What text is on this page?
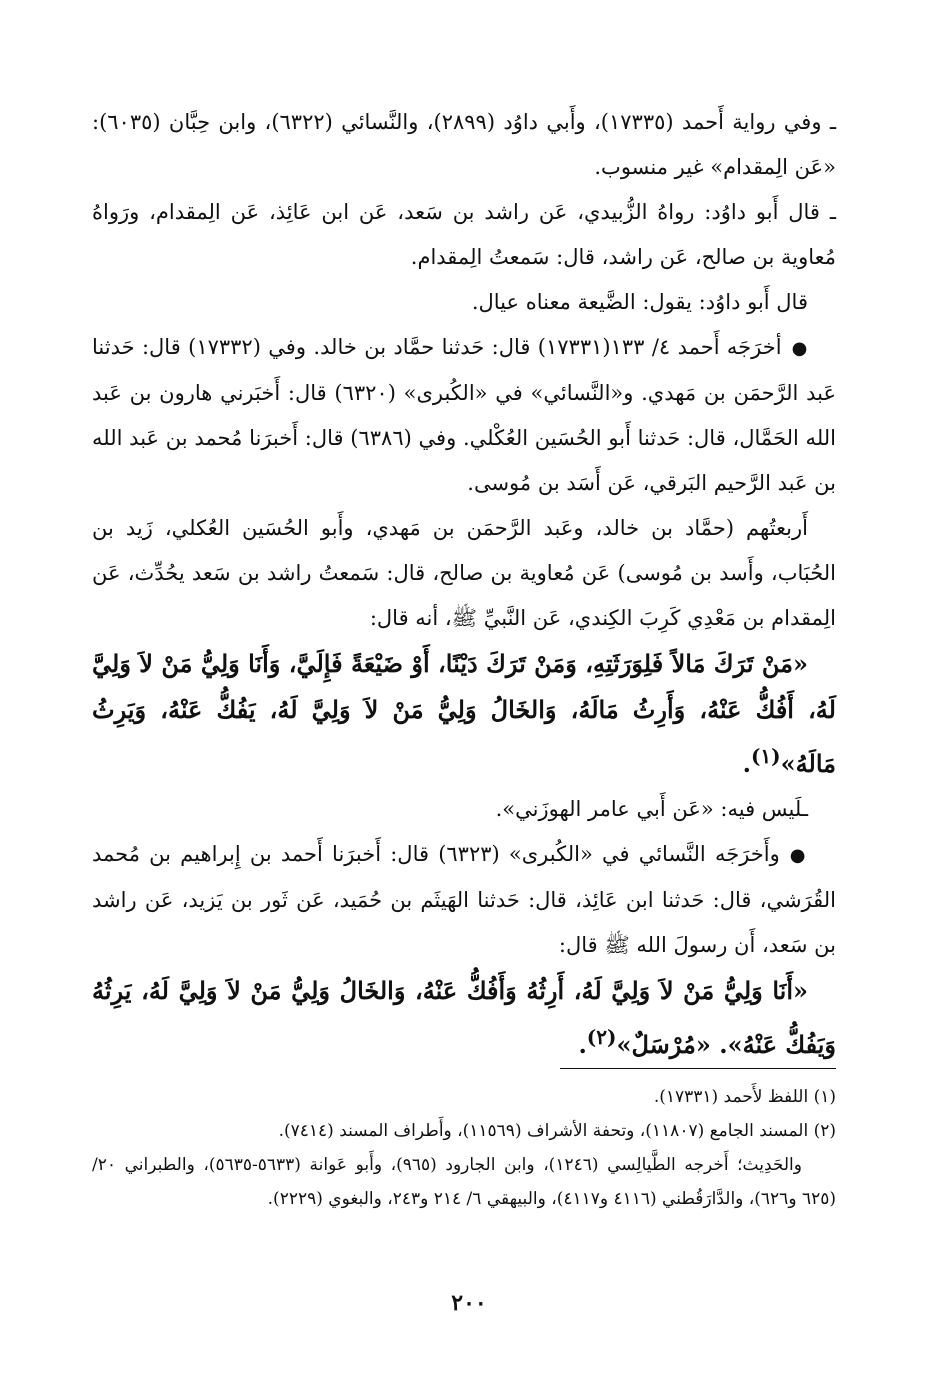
ـ وفي رواية أَحمد (١٧٣٣٥)، وأَبي داوُد (٢٨٩٩)، والنَّسائي (٦٣٢٢)، وابن حِبَّان (٦٠٣٥): «عَن الِمقدام» غير منسوب.

ـ قال أَبو داوُد: رواهُ الزُّبيدي، عَن راشد بن سَعد، عَن ابن عَائِذ، عَن الِمقدام، ورَواهُ مُعاوية بن صالح، عَن راشد، قال: سَمعتُ الِمقدام.

قال أَبو داوُد: يقول: الضَّيعة معناه عيال.

●أخرَجَه أَحمد ٤/ ١٣٣(١٧٣٣١) قال: حَدثنا حمَّاد بن خالد. وفي (١٧٣٣٢) قال: حَدثنا عَبد الرَّحمَن بن مَهدي. و«النَّسائي» في «الكُبرى» (٦٣٢٠) قال: أَخبَرني هارون بن عَبد الله الحَمَّال، قال: حَدثنا أَبو الحُسَين العُكْلي. وفي (٦٣٨٦) قال: أَخبرَنا مُحمد بن عَبد الله بن عَبد الرَّحيم البَرقي، عَن أَسَد بن مُوسى.

أَربعتُهم (حمَّاد بن خالد، وعَبد الرَّحمَن بن مَهدي، وأَبو الحُسَين العُكلي، زَيد بن الحُبَاب، وأَسد بن مُوسى) عَن مُعاوية بن صالح، قال: سَمعتُ راشد بن سَعد يحُدِّث، عَن الِمقدام بن مَعْدِي كَرِبَ الكِندي، عَن النَّبيِّ ﷺ، أنه قال:

«مَنْ تَرَكَ مَالاً فَلِوَرَثَتِهِ، وَمَنْ تَرَكَ دَيْنًا، أَوْ ضَيْعَةً فَإِلَيَّ، وَأَنَا وَلِيُّ مَنْ لاَ وَلِيَّ لَهُ، أَفُكُّ عَنْهُ، وَأَرِثُ مَالَهُ، وَالخَالُ وَلِيُّ مَنْ لاَ وَلِيَّ لَهُ، يَفُكُّ عَنْهُ، وَيَرِثُ مَالَهُ»$^{(١)}$.

ـلَيس فيه: «عَن أَبي عامر الهوزَني».

●وأَخرَجَه النَّسائي في «الكُبرى» (٦٣٢٣) قال: أَخبرَنا أَحمد بن إِبراهيم بن مُحمد القُرَشي، قال: حَدثنا ابن عَائِذ، قال: حَدثنا الهَيثَم بن حُمَيد، عَن ثَور بن يَزيد، عَن راشد بن سَعد، أَن رسولَ الله ﷺ قال:

«أَنَا وَلِيُّ مَنْ لاَ وَلِيَّ لَهُ، أَرِثُهُ وَأَفُكُّ عَنْهُ، وَالخَالُ وَلِيُّ مَنْ لاَ وَلِيَّ لَهُ، يَرِثُهُ وَيَفُكُّ عَنْهُ». «مُرْسَلٌ»$^{(٢)}$.

(١) اللفظ لأَحمد (١٧٣٣١).

(٢) المسند الجامع (١١٨٠٧)، وتحفة الأشراف (١١٥٦٩)، وأَطراف المسند (٧٤١٤).

والحَدِيث؛ أَخرجه الطَّيالِسي (١٢٤٦)، وابن الجارود (٩٦٥)، وأَبو عَوانة (٥٦٣٣-٥٦٣٥)، والطبراني ٢٠/ (٦٢٥ و٦٢٦)، والدَّارَقُطني (٤١١٦ و٤١١٧)، والبيهقي ٦/ ٢١٤ و٢٤٣، والبغوي (٢٢٢٩).

٢٠٠
